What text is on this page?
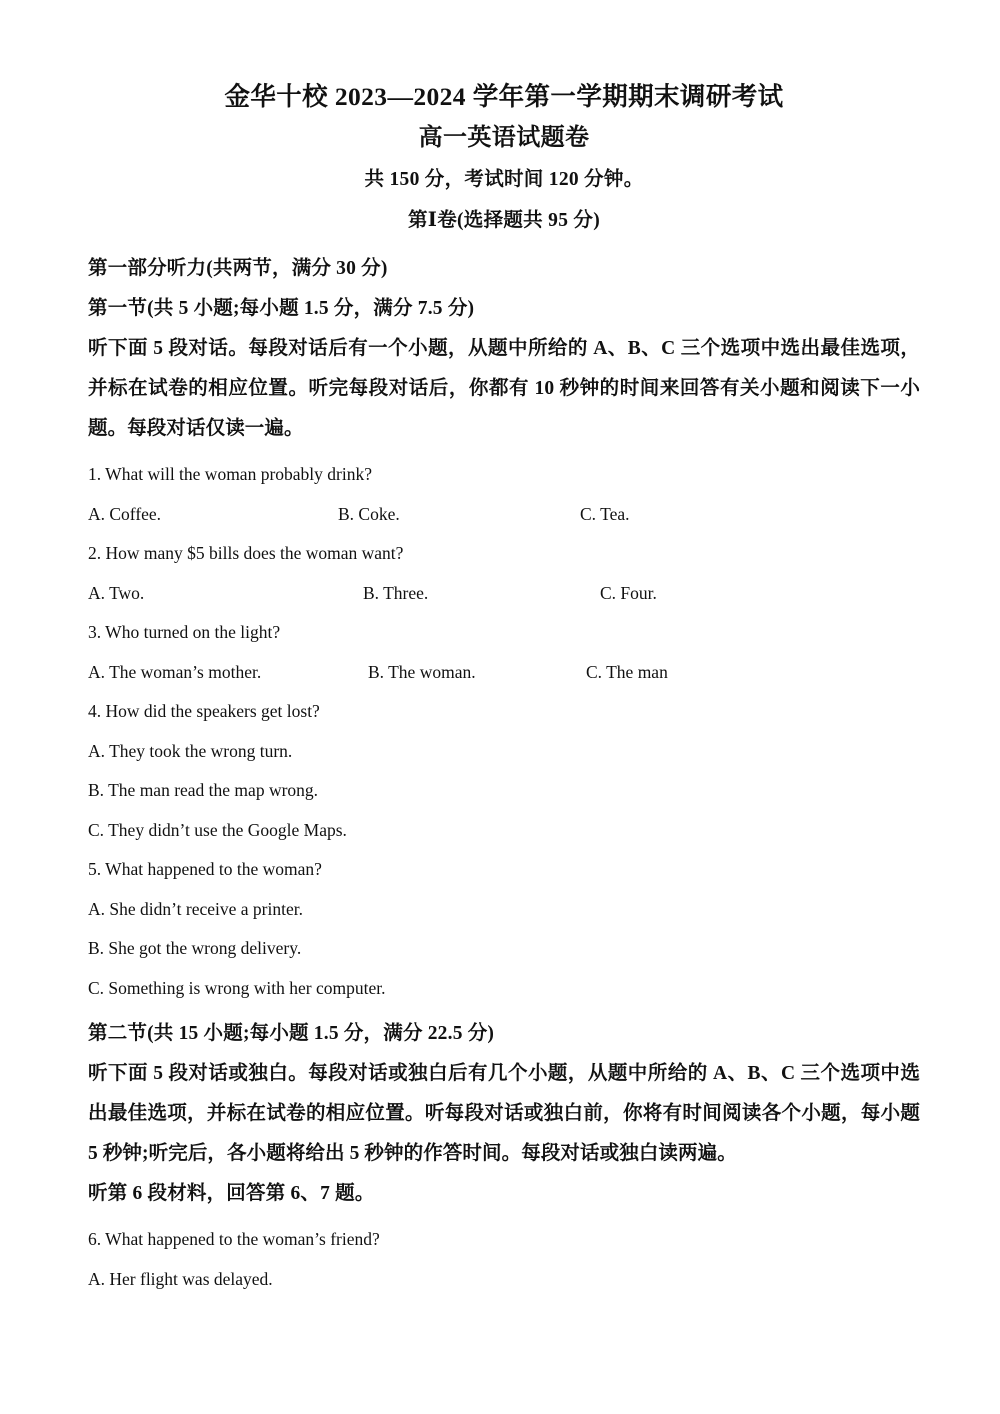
金华十校 2023—2024 学年第一学期期末调研考试
高一英语试题卷

共 150 分，考试时间 120 分钟。

第Ⅰ卷(选择题共 95 分)

第一部分听力(共两节，满分 30 分)

第一节(共 5 小题;每小题 1.5 分，满分 7.5 分)

听下面 5 段对话。每段对话后有一个小题，从题中所给的 A、B、C 三个选项中选出最佳选项，并标在试卷的相应位置。听完每段对话后，你都有 10 秒钟的时间来回答有关小题和阅读下一小题。每段对话仅读一遍。

1. What will the woman probably drink?

A. Coffee.	B. Coke.	C. Tea.

2. How many $5 bills does the woman want?

A. Two.	B. Three.	C. Four.

3. Who turned on the light?

A. The woman’s mother.	B. The woman.	C. The man

4. How did the speakers get lost?

A. They took the wrong turn.

B. The man read the map wrong.

C. They didn’t use the Google Maps.

5. What happened to the woman?

A. She didn’t receive a printer.

B. She got the wrong delivery.

C. Something is wrong with her computer.

第二节(共 15 小题;每小题 1.5 分，满分 22.5 分)

听下面 5 段对话或独白。每段对话或独白后有几个小题，从题中所给的 A、B、C 三个选项中选出最佳选项，并标在试卷的相应位置。听每段对话或独白前，你将有时间阅读各个小题，每小题 5 秒钟;听完后，各小题将给出 5 秒钟的作答时间。每段对话或独白读两遍。

听第 6 段材料，回答第 6、7 题。

6. What happened to the woman’s friend?

A. Her flight was delayed.
